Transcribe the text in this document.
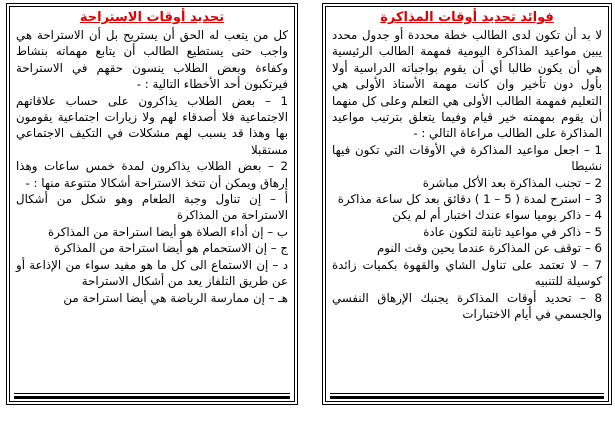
فوائد تحديد أوقات المذاكرة

لا بد أن تكون لدى الطالب خطة محددة أو جدول محدد يبين مواعيد المذاكرة اليومية فمهمة الطالب الرئيسية هي أن يكون طالبا أي أن يقوم بواجباته الدراسية أولا بأول دون تأخير وان كانت مهمة الأستاذ الأولى هي التعليم فمهمة الطالب الأولى هي التعلم وعلى كل منهما أن يقوم بمهمته خير قيام وفيما يتعلق بترتيب مواعيد المذاكرة على الطالب مراعاة التالي : -

1 – اجعل مواعيد المذاكرة في الأوقات التي تكون فيها نشيطا
2 – تجنب المذاكرة بعد الأكل مباشرة
3 – استرح لمدة ( 5 – 1 ) دقائق بعد كل ساعة مذاكرة
4 – ذاكر يوميا سواء عندك اختبار أم لم يكن
5 – ذاكر في مواعيد ثابتة لتكون عادة
6 – توقف عن المذاكرة عندما يحين وقت النوم
7 – لا تعتمد على تناول الشاي والقهوة بكميات زائدة كوسيلة للتنبيه
8 – تحديد أوقات المذاكرة يجنبك الإرهاق النفسي والجسمي في أيام الاختبارات
تحديد أوقات الاستراحة

كل من يتعب له الحق أن يستريح بل أن الاستراحة هي واجب حتى يستطيع الطالب أن يتابع مهماته بنشاط وكفاءة وبعض الطلاب ينسون حقهم في الاستراحة فيرتكبون أحد الأخطاء التالية : -

1 – بعض الطلاب يذاكرون على حساب علاقاتهم الاجتماعية فلا أصدقاء لهم ولا زيارات اجتماعية يقومون بها وهذا قد يسبب لهم مشكلات في التكيف الاجتماعي مستقبلا
2 – بعض الطلاب يذاكرون لمدة خمس ساعات وهذا إرهاق ويمكن أن تتخذ الاستراحة أشكالا متنوعة منها : -
أ – إن تناول وجبة الطعام وهو شكل من أشكال الاستراحة من المذاكرة
ب – إن أداء الصلاة هو أيضا استراحة من المذاكرة
ج – إن الاستحمام هو أيضا استراحة من المذاكرة
د – إن الاستماع الى كل ما هو مفيد سواء من الإذاعة أو عن طريق التلفاز يعد من أشكال الاستراحة
هـ – إن ممارسة الرياضة هي أيضا استراحة من
